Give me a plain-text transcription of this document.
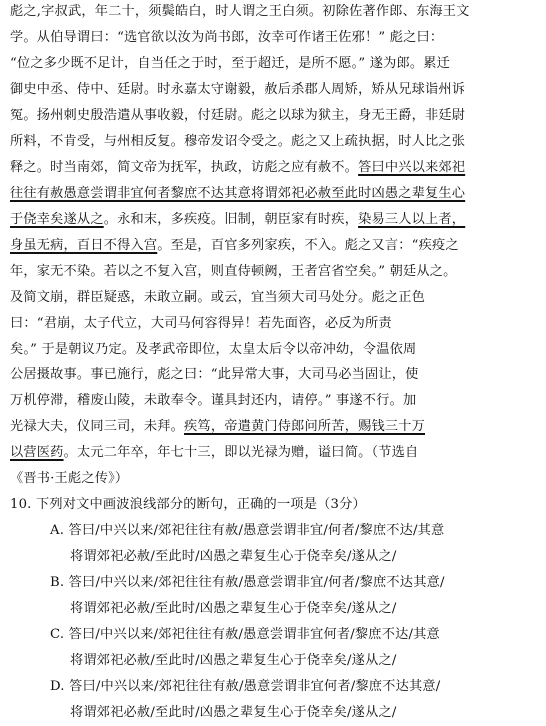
彪之,字叔武，年二十，须鬓皓白，时人谓之王白须。初除佐著作郎、东海王文
学。从伯导谓曰：“选官欲以汝为尚书郎，汝幸可作诸王佐邪！” 彪之曰：
“位之多少既不足计，自当任之于时，至于超迁，是所不愿。” 遂为郎。累迁
御史中丞、侍中、廷尉。时永嘉太守谢毅，赦后杀郡人周矫，矫从兄球诣州诉
冤。扬州刺史殷浩遣从事收毅，付廷尉。彪之以球为狱主，身无王爵，非廷尉
所料，不肯受，与州相反复。穆帝发诏令受之。彪之又上疏执据，时人比之张
释之。时当南郊，简文帝为抚军，执政，访彪之应有赦不。答曰中兴以来郊祀
往往有赦愚意尝谓非宜何者黎庶不达其意将谓郊祀必赦至此时凶愚之辈复生心
于侥幸矣遂从之。永和末，多疾疫。旧制，朝臣家有时疾，染易三人以上者，
身虽无病，百日不得入宫。至是，百官多列家疾，不入。彪之又言：“疾疫之
年，家无不染。若以之不复入宫，则直侍顿阙，王者宫省空矣。” 朝廷从之。
及简文崩，群臣疑惑，未敢立嗣。或云，宜当须大司马处分。彪之正色
曰：“君崩，太子代立，大司马何容得异！若先面咨，必反为所责
矣。” 于是朝议乃定。及孝武帝即位，太皇太后令以帝冲幼，令温依周
公居摄故事。事已施行，彪之曰：“此异常大事，大司马必当固让，使
万机停滞，稽废山陵，未敢奉令。谨具封还内，请停。” 事遂不行。加
光禄大夫，仪同三司，未拜。疾笃，帝遣黄门侍郎问所苦，赐钱三十万
以营医药。太元二年卒，年七十三，即以光禄为赠，谥曰简。（节选自
《晋书·王彪之传》）
10. 下列对文中画波浪线部分的断句，正确的一项是（3分）
A. 答曰/中兴以来/郊祀往往有赦/愚意尝谓非宜/何者/黎庶不达/其意
将谓郊祀必赦/至此时/凶愚之辈复生心于侥幸矣/遂从之/
B. 答曰/中兴以来/郊祀往往有赦/愚意尝谓非宜/何者/黎庶不达其意/
将谓郊祀必赦/至此时/凶愚之辈复生心于侥幸矣/遂从之/
C. 答曰/中兴以来/郊祀往往有赦/愚意尝谓非宜何者/黎庶不达/其意
将谓郊祀必赦/至此时/凶愚之辈复生心于侥幸矣/遂从之/
D. 答曰/中兴以来/郊祀往往有赦/愚意尝谓非宜何者/黎庶不达其意/
将谓郊祀必赦/至此时/凶愚之辈复生心于侥幸矣/遂从之/
